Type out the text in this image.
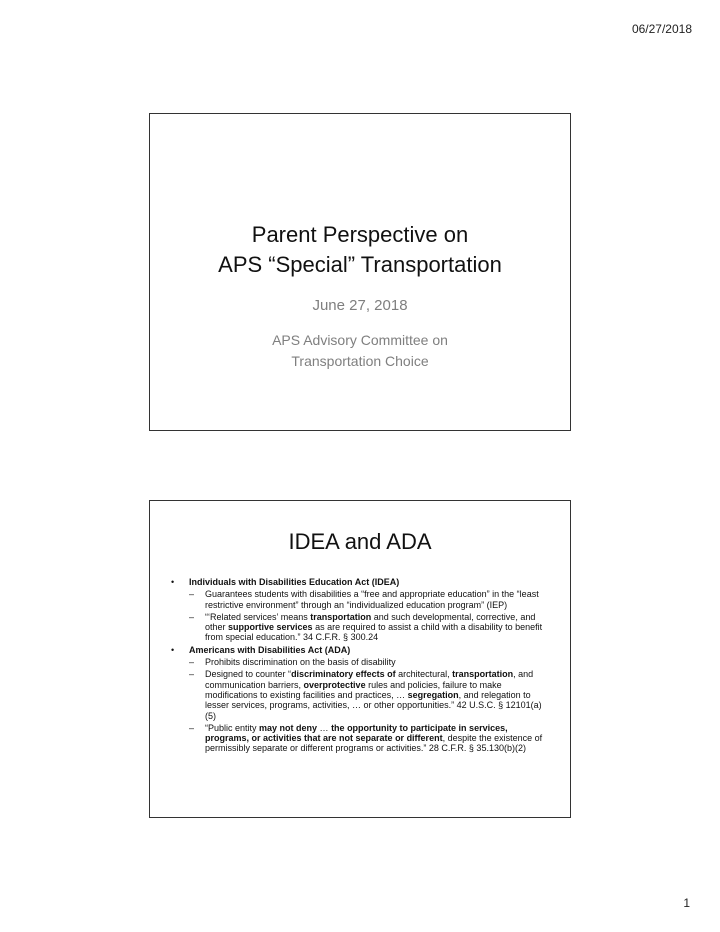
06/27/2018
Parent Perspective on
APS “Special” Transportation
June 27, 2018
APS Advisory Committee on
Transportation Choice
IDEA and ADA
•	Individuals with Disabilities Education Act (IDEA)
–	Guarantees students with disabilities a “free and appropriate education” in the “least restrictive environment” through an “individualized education program” (IEP)
–	“‘Related services’ means transportation and such developmental, corrective, and other supportive services as are required to assist a child with a disability to benefit from special education.” 34 C.F.R. § 300.24
•	Americans with Disabilities Act (ADA)
–	Prohibits discrimination on the basis of disability
–	Designed to counter “discriminatory effects of architectural, transportation, and communication barriers, overprotective rules and policies, failure to make modifications to existing facilities and practices, … segregation, and relegation to lesser services, programs, activities, … or other opportunities.” 42 U.S.C. § 12101(a)(5)
–	“Public entity may not deny … the opportunity to participate in services, programs, or activities that are not separate or different, despite the existence of permissibly separate or different programs or activities.” 28 C.F.R. § 35.130(b)(2)
1
